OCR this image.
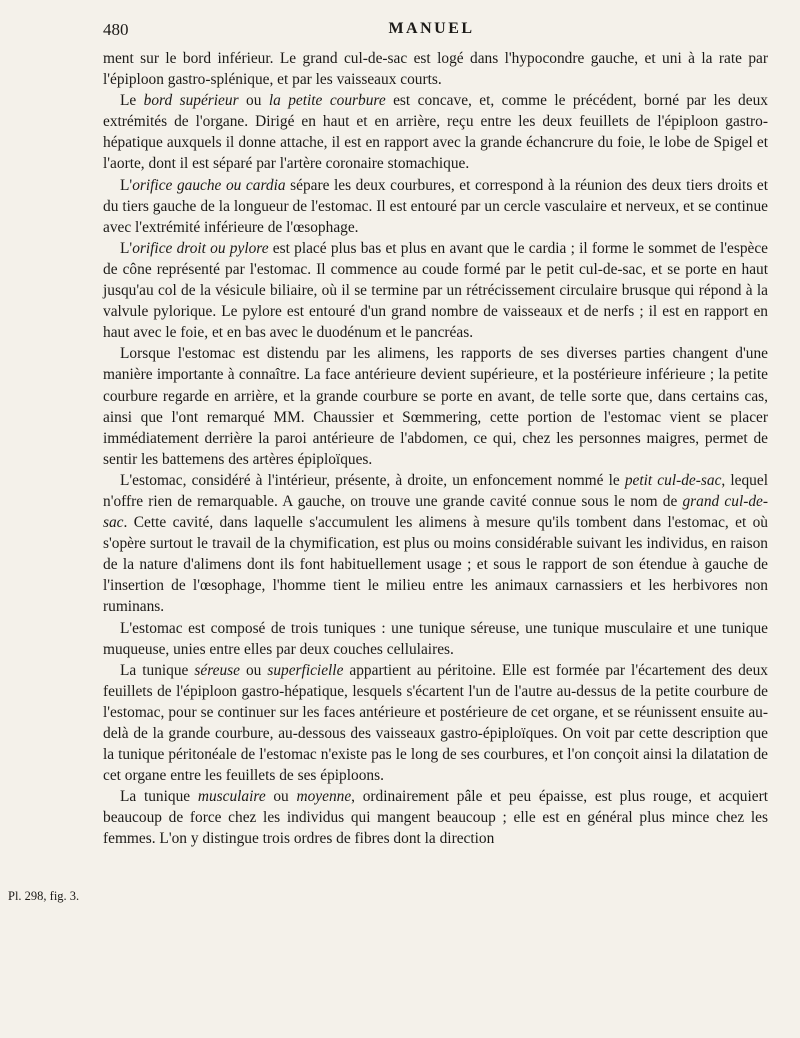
480	MANUEL
Pl. 298, fig. 3.

ment sur le bord inférieur. Le grand cul-de-sac est logé dans l'hypocondre gauche, et uni à la rate par l'épiploon gastro-splénique, et par les vaisseaux courts.

Le bord supérieur ou la petite courbure est concave, et, comme le précédent, borné par les deux extrémités de l'organe. Dirigé en haut et en arrière, reçu entre les deux feuillets de l'épiploon gastro-hépatique auxquels il donne attache, il est en rapport avec la grande échancrure du foie, le lobe de Spigel et l'aorte, dont il est séparé par l'artère coronaire stomachique.

L'orifice gauche ou cardia sépare les deux courbures, et correspond à la réunion des deux tiers droits et du tiers gauche de la longueur de l'estomac. Il est entouré par un cercle vasculaire et nerveux, et se continue avec l'extrémité inférieure de l'œsophage.

L'orifice droit ou pylore est placé plus bas et plus en avant que le cardia ; il forme le sommet de l'espèce de cône représenté par l'estomac. Il commence au coude formé par le petit cul-de-sac, et se porte en haut jusqu'au col de la vésicule biliaire, où il se termine par un rétrécissement circulaire brusque qui répond à la valvule pylorique. Le pylore est entouré d'un grand nombre de vaisseaux et de nerfs ; il est en rapport en haut avec le foie, et en bas avec le duodénum et le pancréas.

Lorsque l'estomac est distendu par les alimens, les rapports de ses diverses parties changent d'une manière importante à connaître. La face antérieure devient supérieure, et la postérieure inférieure ; la petite courbure regarde en arrière, et la grande courbure se porte en avant, de telle sorte que, dans certains cas, ainsi que l'ont remarqué MM. Chaussier et Sœmmering, cette portion de l'estomac vient se placer immédiatement derrière la paroi antérieure de l'abdomen, ce qui, chez les personnes maigres, permet de sentir les battemens des artères épiploïques.

L'estomac, considéré à l'intérieur, présente, à droite, un enfoncement nommé le petit cul-de-sac, lequel n'offre rien de remarquable. A gauche, on trouve une grande cavité connue sous le nom de grand cul-de-sac. Cette cavité, dans laquelle s'accumulent les alimens à mesure qu'ils tombent dans l'estomac, et où s'opère surtout le travail de la chymification, est plus ou moins considérable suivant les individus, en raison de la nature d'alimens dont ils font habituellement usage ; et sous le rapport de son étendue à gauche de l'insertion de l'œsophage, l'homme tient le milieu entre les animaux carnassiers et les herbivores non ruminans.

L'estomac est composé de trois tuniques : une tunique séreuse, une tunique musculaire et une tunique muqueuse, unies entre elles par deux couches cellulaires.

La tunique séreuse ou superficielle appartient au péritoine. Elle est formée par l'écartement des deux feuillets de l'épiploon gastro-hépatique, lesquels s'écartent l'un de l'autre au-dessus de la petite courbure de l'estomac, pour se continuer sur les faces antérieure et postérieure de cet organe, et se réunissent ensuite au-delà de la grande courbure, au-dessous des vaisseaux gastro-épiploïques. On voit par cette description que la tunique péritonéale de l'estomac n'existe pas le long de ses courbures, et l'on conçoit ainsi la dilatation de cet organe entre les feuillets de ses épiploons.

La tunique musculaire ou moyenne, ordinairement pâle et peu épaisse, est plus rouge, et acquiert beaucoup de force chez les individus qui mangent beaucoup ; elle est en général plus mince chez les femmes. L'on y distingue trois ordres de fibres dont la direction
